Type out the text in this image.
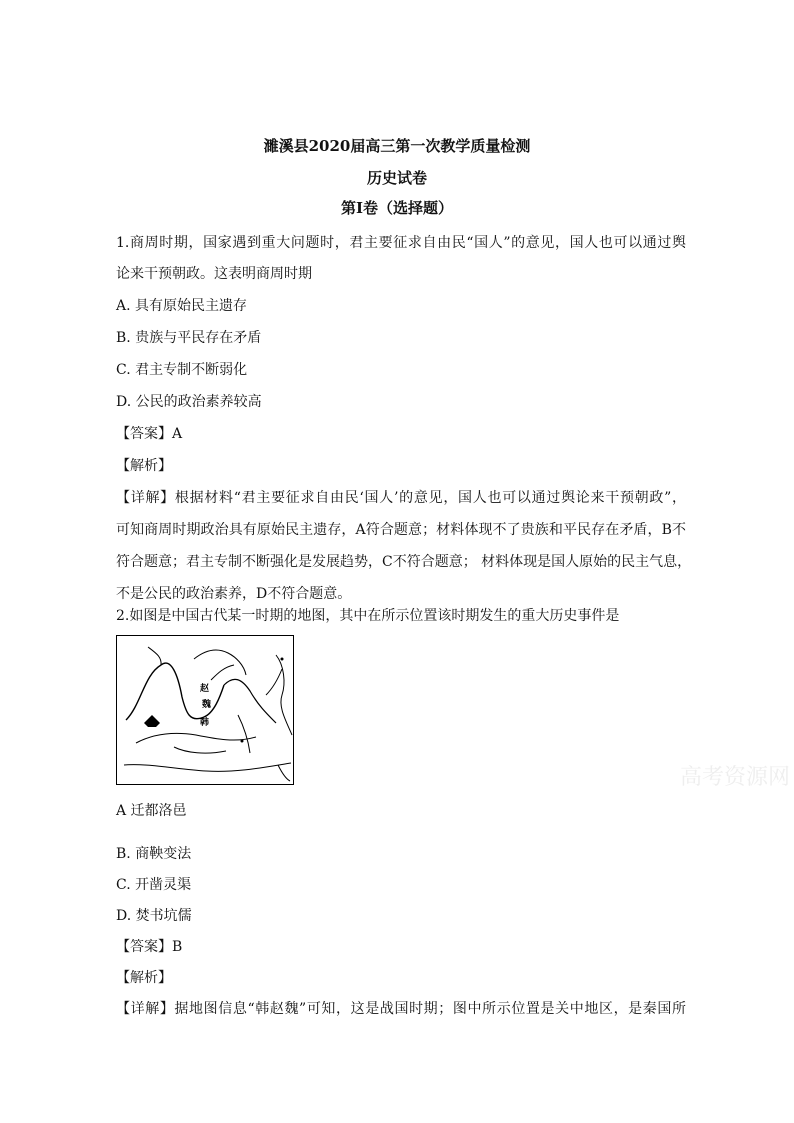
濉溪县2020届高三第一次教学质量检测
历史试卷
第Ⅰ卷（选择题）
1.商周时期，国家遇到重大问题时，君主要征求自由民“国人”的意见，国人也可以通过舆
论来干预朝政。这表明商周时期
A. 具有原始民主遗存
B. 贵族与平民存在矛盾
C. 君主专制不断弱化
D. 公民的政治素养较高
【答案】A
【解析】
【详解】根据材料“君主要征求自由民‘国人’的意见，国人也可以通过舆论来干预朝政”，
可知商周时期政治具有原始民主遗存，A符合题意；材料体现不了贵族和平民存在矛盾，B不
符合题意；君主专制不断强化是发展趋势，C不符合题意； 材料体现是国人原始的民主气息，
不是公民的政治素养，D不符合题意。
2.如图是中国古代某一时期的地图，其中在所示位置该时期发生的重大历史事件是
赵
魏
韩
高考资源网
A 迁都洛邑
B. 商鞅变法
C. 开凿灵渠
D. 焚书坑儒
【答案】B
【解析】
【详解】据地图信息“韩赵魏”可知，这是战国时期；图中所示位置是关中地区，是秦国所
